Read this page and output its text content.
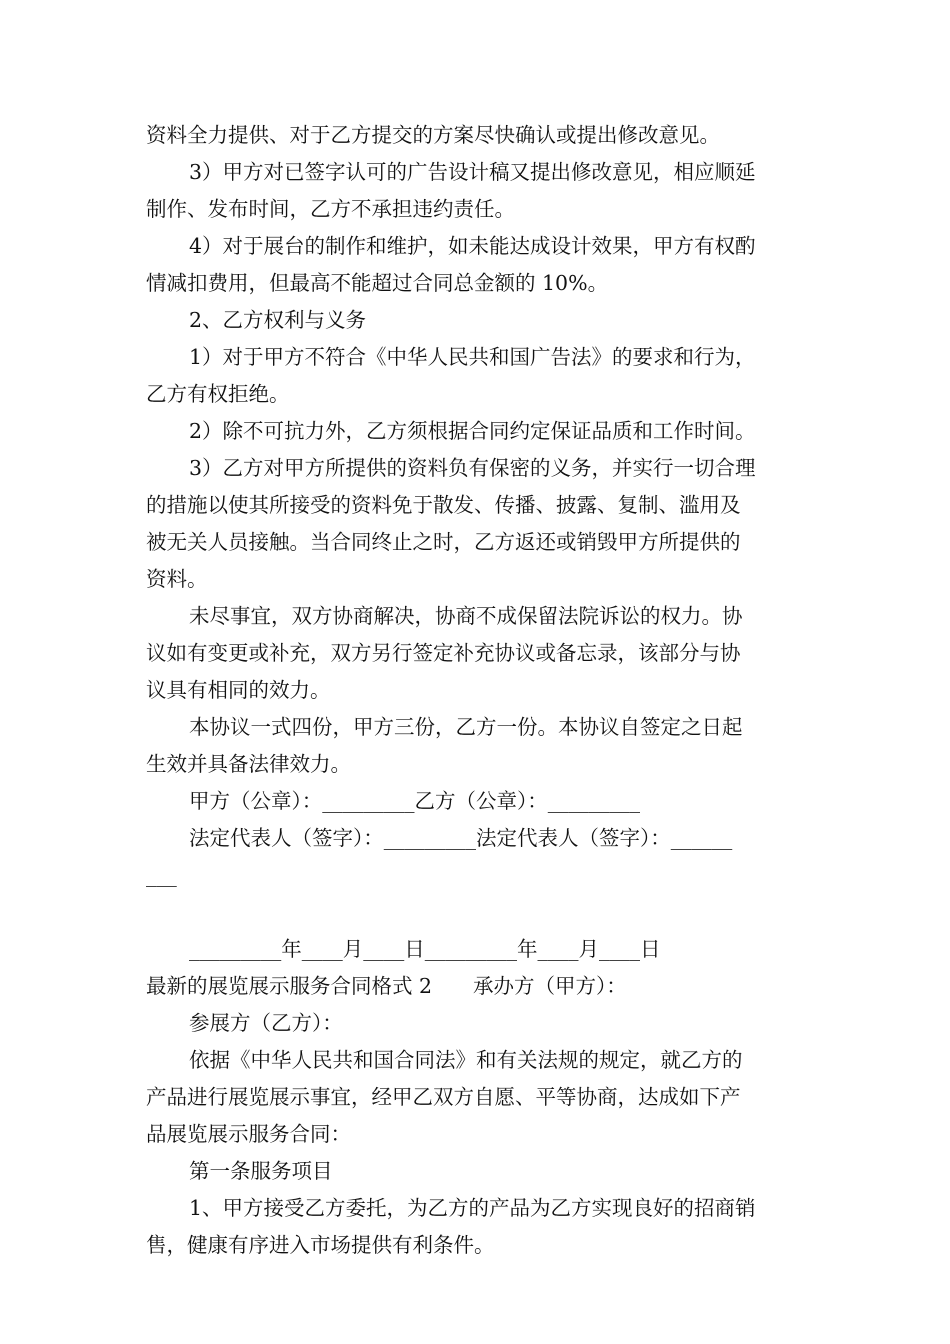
资料全力提供、对于乙方提交的方案尽快确认或提出修改意见。
3）甲方对已签字认可的广告设计稿又提出修改意见，相应顺延
制作、发布时间，乙方不承担违约责任。
4）对于展台的制作和维护，如未能达成设计效果，甲方有权酌
情减扣费用，但最高不能超过合同总金额的 10%。
2、乙方权利与义务
1）对于甲方不符合《中华人民共和国广告法》的要求和行为，
乙方有权拒绝。
2）除不可抗力外，乙方须根据合同约定保证品质和工作时间。
3）乙方对甲方所提供的资料负有保密的义务，并实行一切合理
的措施以使其所接受的资料免于散发、传播、披露、复制、滥用及
被无关人员接触。当合同终止之时，乙方返还或销毁甲方所提供的
资料。
未尽事宜，双方协商解决，协商不成保留法院诉讼的权力。协
议如有变更或补充，双方另行签定补充协议或备忘录，该部分与协
议具有相同的效力。
本协议一式四份，甲方三份，乙方一份。本协议自签定之日起
生效并具备法律效力。
甲方（公章）：_________乙方（公章）：_________
法定代表人（签字）：_________法定代表人（签字）：______
___
_________年____月____日_________年____月____日
最新的展览展示服务合同格式 2　　承办方（甲方）：
参展方（乙方）：
依据《中华人民共和国合同法》和有关法规的规定，就乙方的
产品进行展览展示事宜，经甲乙双方自愿、平等协商，达成如下产
品展览展示服务合同：
第一条服务项目
1、甲方接受乙方委托，为乙方的产品为乙方实现良好的招商销
售，健康有序进入市场提供有利条件。
